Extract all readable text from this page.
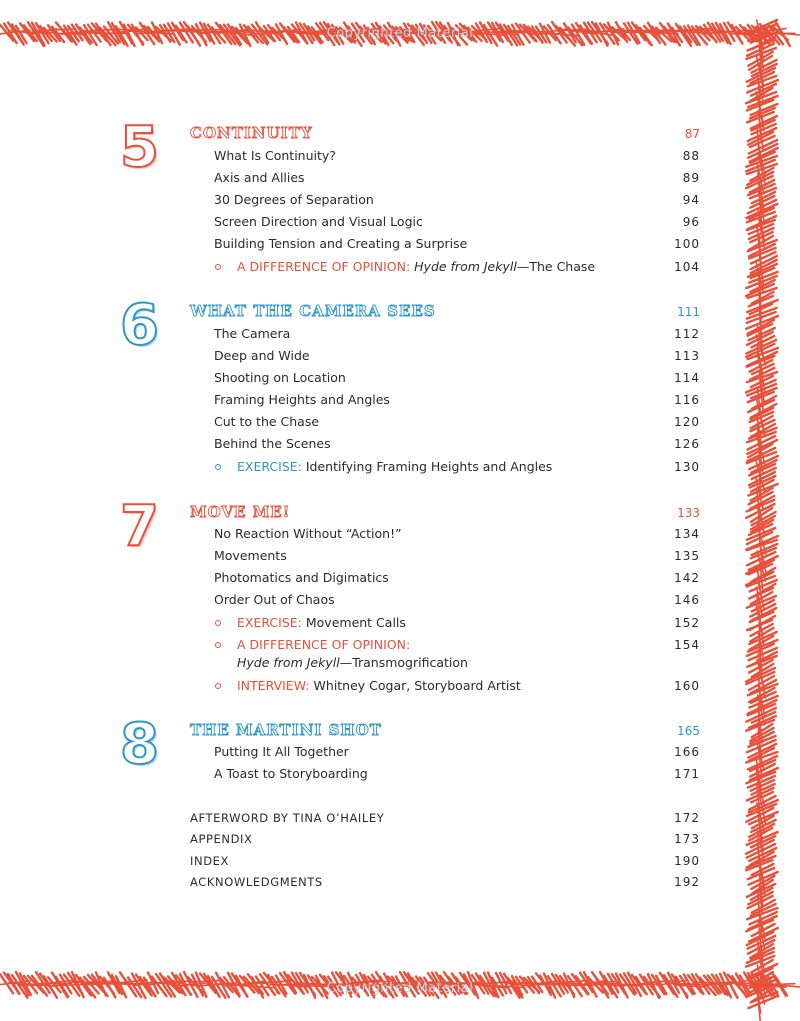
Copyrighted Material
Copyrighted Material
5 CONTINUITY	87
What Is Continuity?	88
Axis and Allies	89
30 Degrees of Separation	94
Screen Direction and Visual Logic	96
Building Tension and Creating a Surprise	100
A DIFFERENCE OF OPINION: Hyde from Jekyll—The Chase	104
6 WHAT THE CAMERA SEES	111
The Camera	112
Deep and Wide	113
Shooting on Location	114
Framing Heights and Angles	116
Cut to the Chase	120
Behind the Scenes	126
EXERCISE: Identifying Framing Heights and Angles	130
7 MOVE ME!	133
No Reaction Without “Action!”	134
Movements	135
Photomatics and Digimatics	142
Order Out of Chaos	146
EXERCISE: Movement Calls	152
A DIFFERENCE OF OPINION:	154
Hyde from Jekyll—Transmogrification
INTERVIEW: Whitney Cogar, Storyboard Artist	160
8 THE MARTINI SHOT	165
Putting It All Together	166
A Toast to Storyboarding	171
AFTERWORD BY TINA O’HAILEY	172
APPENDIX	173
INDEX	190
ACKNOWLEDGMENTS	192
